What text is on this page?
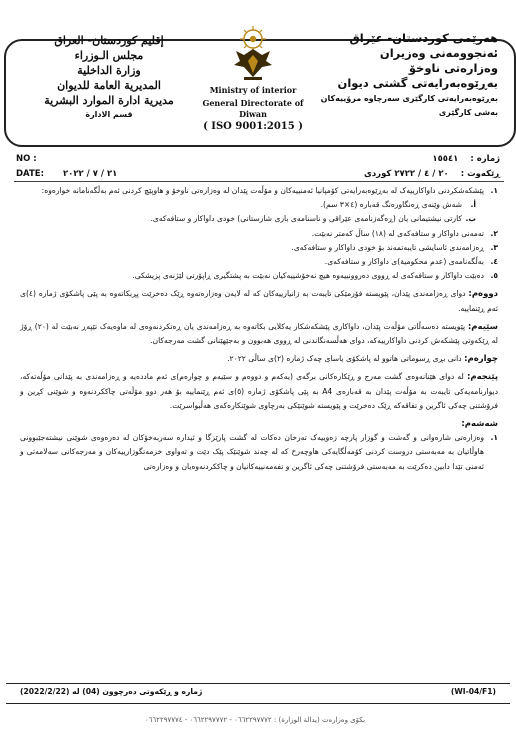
هەرێمی کوردستان- عێراق
ئەنجوومەنی وەزیران
وەزارەتی ناوخۆ
بەڕێوەبەرایەتی گشتی دیوان
بەڕێوەبەرایەتی کارگێری سەرچاوە مرۆییەکان
بەشی کارگێری
Ministry of interior
General Directorate of Diwan
( ISO 9001:2015 )
إقليم كوردستان- العراق
مجلس الـوزراء
وزارة الداخلية
المديرية العامة للديوان
مديرية ادارة الموارد البشرية
قسم الادارة
NO :	ژمارە :١٥٥٤١
DATE: ٢١ / ٧ / ٢٠٢٢	ڕێکەوت :٢٠ / ٤ / ٢٧٢٢ کوردی
١.
پێشکەشکردنی داواکارییەک لە بەڕێوەبەرایەتی کۆمپانیا ئەمنییەکان و مۆڵەت پێدان لە وەزارەتی ناوخۆ و هاوپێچ کردنی ئەم بەڵگەنامانە خوارەوە:
أ.
شەش وێنەی ڕەنگاورەنگ قەبارە (٤×٣ سم).
ب.
کارتی نیشتیمانی یان (ڕەگەزنامەی عێراقی و ناسنامەی باری شارستانی) خودی داواکار و ستافەکەی.
٢.
تەمەنی داواکار و ستافەکەی لە (١٨) ساڵ کەمتر نەبێت.
٣.
ڕەزامەندی ئاسایشی تایبەتمەند بۆ خودی داواکار و ستافەکەی.
٤.
بەڵگەنامەی (عدم محكومية)ی داواکار و ستافەکەی.
٥.
دەبێت داواکار و ستافەکەی لە ڕووی دەروونییەوە هیچ نەخۆشییەکیان نەبێت بە پشتگیری ڕاپۆرتی لێژنەی پزیشکی.
دووەم: دوای ڕەزامەندی پێدان، پێویستە فۆرمێکی تایبەت بە زانیارییەکان کە لە لایەن وەزارەتەوە ڕێک دەخرێت پڕبکاتەوە بە پێی پاشکۆی ژمارە (٤)ی ئەم ڕێنماییە.
سێیەم: پێویستە دەسەڵاتی مۆڵەت پێدان، داواکاری پێشکەشکار یەکلایی بکاتەوە بە ڕەزامەندی یان ڕەتکردنەوەی لە ماوەیەک تێپەڕ نەبێت لە (٢٠) ڕۆژ لە ڕێکەوتی پێشکەش کردنی داواکارییەکە، دوای هەڵسەنگاندنی لە ڕووی هەبوون و بەجێهێنانی گشت مەرجەکان.
چوارەم: دانی بڕی ڕسوماتی هاتوو لە پاشکۆی یاسای چەک ژمارە (٢)ی ساڵی ٢٠٢٢.
پێنجەم: لە دوای هێنانەوەی گشت مەرج و ڕێکارەکانی برگەی (یەکەم و دووەم و سێیەم و چوارەم)ی ئەم ماددەیە و ڕەزامەندی بە پێدانی مۆڵەتەکە، دیوارنامەیەکی تایبەت بە مۆڵەت پێدان بە قەبارەی A4 بە پێی پاشکۆی ژمارە (٥)ی ئەم ڕێنماییە بۆ هەر دوو مۆڵەتی چاککردنەوە و شوێنی کڕین و فرۆشتنی چەکی ئاگرین و تفاقەکە ڕێک دەخرێت و پێویستە شوێنێکی بەرچاوی شوێنکارەکەی هەڵبواسرێت.
شەشەم:
١.
وەزارەتی شارەوانی و گەشت و گوزار پارچە زەوییەک تەرخان دەکات لە گشت پارێزگا و ئیدارە سەربەخۆکان لە دەرەوەی شوێنی نیشتەجێبوونی هاوڵاتیان بە مەبەستی دروست کردنی کۆمەڵگایەکی هاوچەرخ کە لە چەند شوێنێک پێک دێت و تەواوی خزمەتگوزارییەکان و مەرجەکانی سەلامەتی و ئەمنی تێدا دابین دەکرێت بە مەبەستی فرۆشتنی چەکی ئاگرین و تفەمەنییەکانیان و چاککردنەوەیان و وەزارەتی
ژمارە و ڕێکەوتی دەرچوون (04) لە (2022/2/22)	(WI-04/F1)
بکۆی وەزارەت (یدالة الوزارة) : ٠٦٦٢٢٩٧٧٧٢ - ٠٦٦٢٢٩٧٧٧٢ - ٠٦٦٢٢٩٧٧٧٤
